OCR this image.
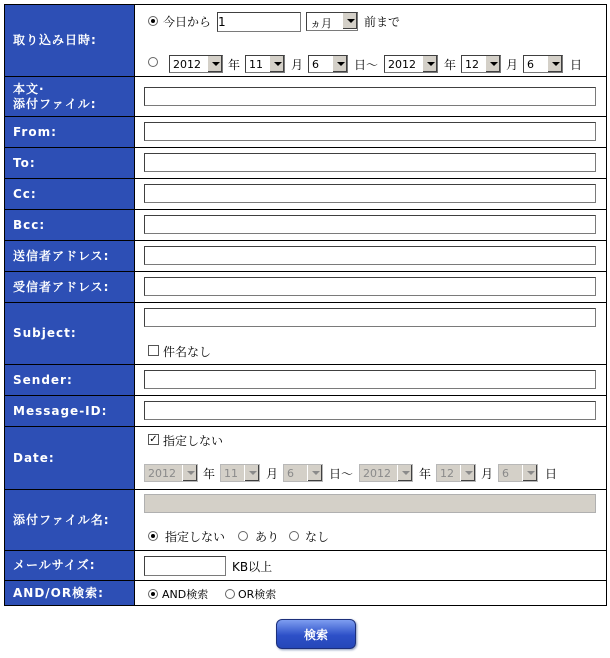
取り込み日時:
今日から
1	ヵ月	前まで
2012 年 11 月 6	日〜 2012 年 12 月 6	日
本文·
添付ファイル:
From:
To:
Cc:
Bcc:
送信者アドレス:
受信者アドレス:
Subject:
件名なし
Sender:
Message-ID:
Date:
✓ 指定しない
2012 年 11 月 6	日〜 2012 年 12 月 6	日
添付ファイル名:
指定しない あり なし
メールサイズ:	KB以上
AND/OR検索:	AND検索	OR検索
検索
